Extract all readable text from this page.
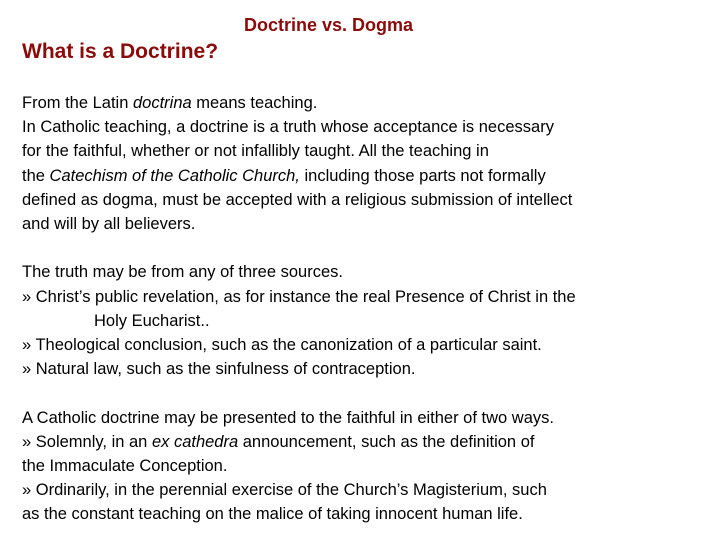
Doctrine vs. Dogma
What is a Doctrine?
From the Latin doctrina means teaching.
In Catholic teaching, a doctrine is a truth whose acceptance is necessary
for the faithful, whether or not infallibly taught. All the teaching in
the Catechism of the Catholic Church, including those parts not formally
defined as dogma, must be accepted with a religious submission of intellect
and will by all believers.
The truth may be from any of three sources.
» Christ’s public revelation, as for instance the real Presence of Christ in the
Holy Eucharist..
» Theological conclusion, such as the canonization of a particular saint.
» Natural law, such as the sinfulness of contraception.
A Catholic doctrine may be presented to the faithful in either of two ways.
» Solemnly, in an ex cathedra announcement, such as the definition of
the Immaculate Conception.
» Ordinarily, in the perennial exercise of the Church’s Magisterium, such
as the constant teaching on the malice of taking innocent human life.
